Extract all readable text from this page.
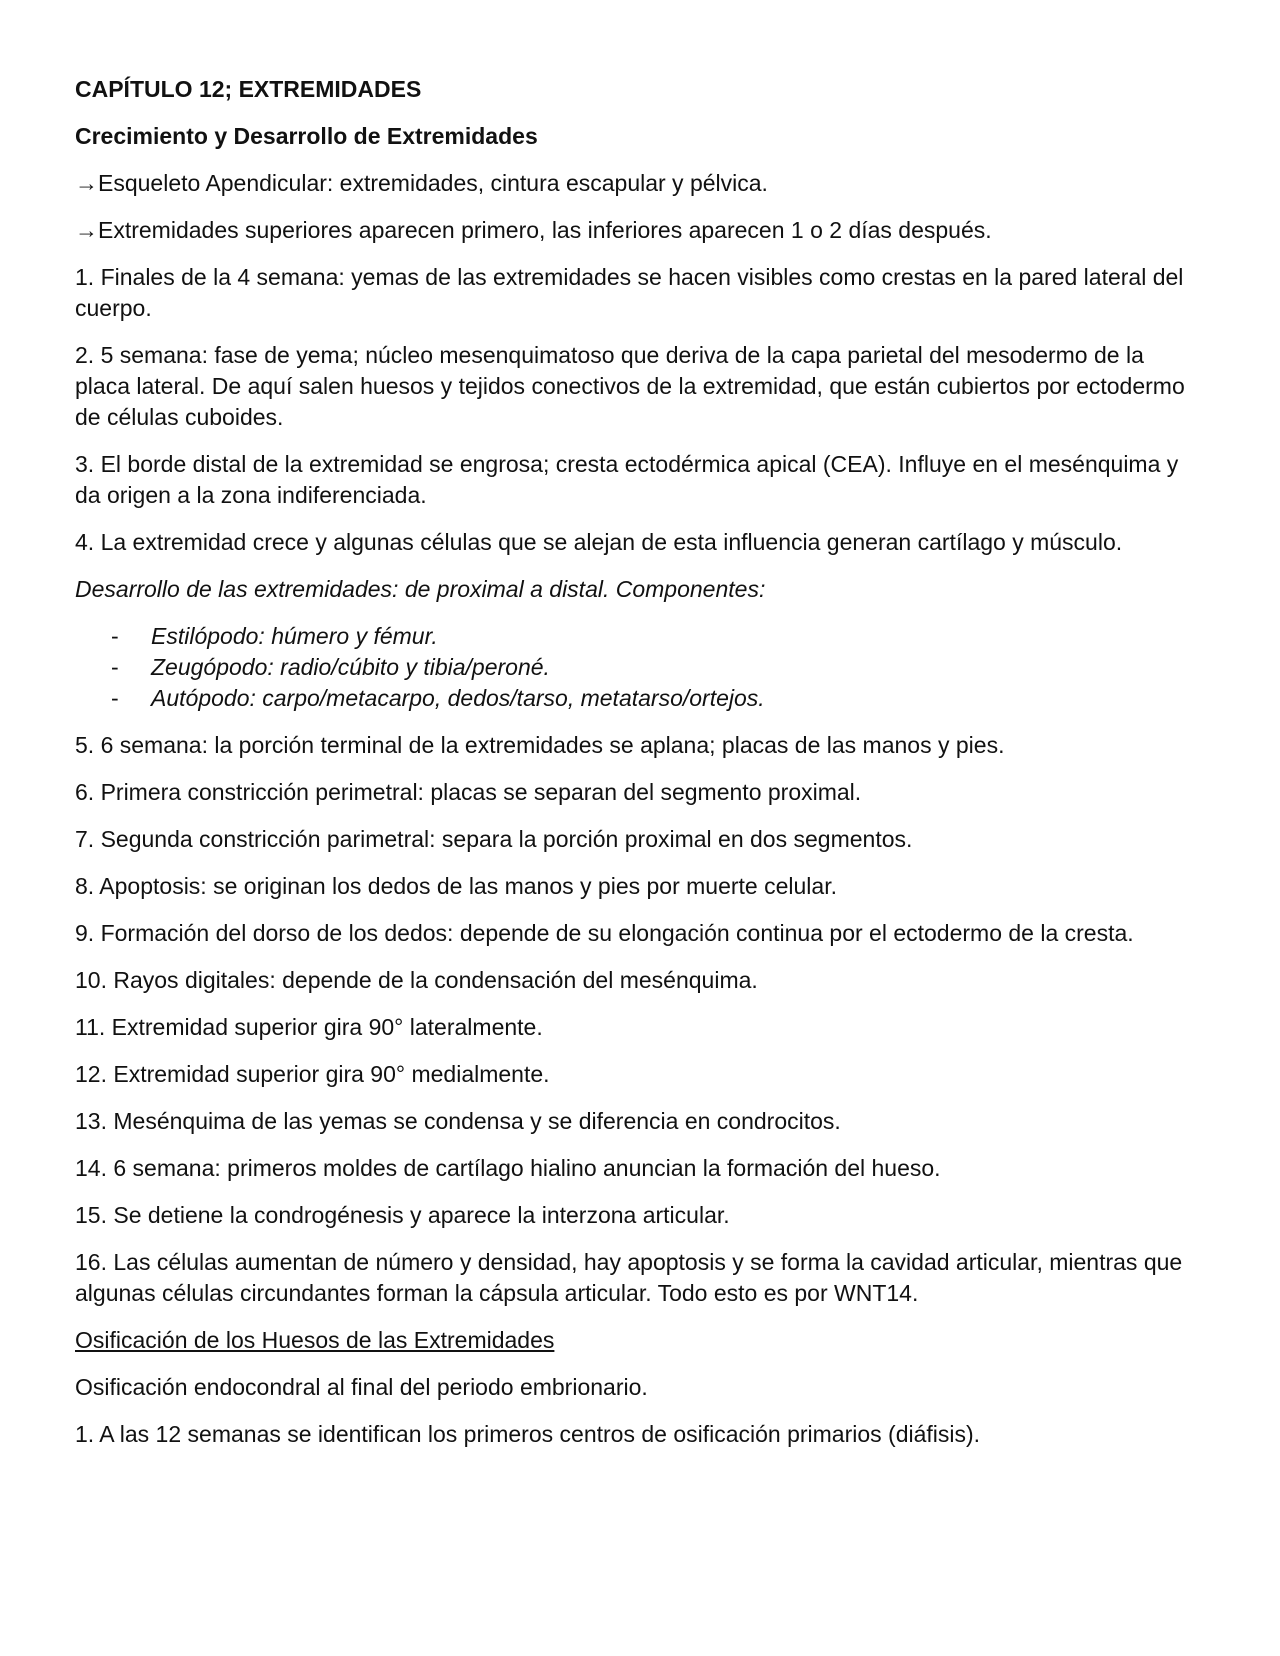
CAPÍTULO 12; EXTREMIDADES
Crecimiento y Desarrollo de Extremidades

→Esqueleto Apendicular: extremidades, cintura escapular y pélvica.

→Extremidades superiores aparecen primero, las inferiores aparecen 1 o 2 días después.

1. Finales de la 4 semana: yemas de las extremidades se hacen visibles como crestas en la pared lateral del cuerpo.

2. 5 semana: fase de yema; núcleo mesenquimatoso que deriva de la capa parietal del mesodermo de la placa lateral. De aquí salen huesos y tejidos conectivos de la extremidad, que están cubiertos por ectodermo de células cuboides.

3. El borde distal de la extremidad se engrosa; cresta ectodérmica apical (CEA). Influye en el mesénquima y da origen a la zona indiferenciada.

4. La extremidad crece y algunas células que se alejan de esta influencia generan cartílago y músculo.

Desarrollo de las extremidades: de proximal a distal. Componentes:

- Estilópodo: húmero y fémur.
- Zeugópodo: radio/cúbito y tibia/peroné.
- Autópodo: carpo/metacarpo, dedos/tarso, metatarso/ortejos.

5. 6 semana: la porción terminal de la extremidades se aplana; placas de las manos y pies.

6. Primera constricción perimetral: placas se separan del segmento proximal.

7. Segunda constricción parimetral: separa la porción proximal en dos segmentos.

8. Apoptosis: se originan los dedos de las manos y pies por muerte celular.

9. Formación del dorso de los dedos: depende de su elongación continua por el ectodermo de la cresta.

10. Rayos digitales: depende de la condensación del mesénquima.

11. Extremidad superior gira 90° lateralmente.

12. Extremidad superior gira 90° medialmente.

13. Mesénquima de las yemas se condensa y se diferencia en condrocitos.

14. 6 semana: primeros moldes de cartílago hialino anuncian la formación del hueso.

15. Se detiene la condrogénesis y aparece la interzona articular.

16. Las células aumentan de número y densidad, hay apoptosis y se forma la cavidad articular, mientras que algunas células circundantes forman la cápsula articular. Todo esto es por WNT14.

Osificación de los Huesos de las Extremidades

Osificación endocondral al final del periodo embrionario.

1. A las 12 semanas se identifican los primeros centros de osificación primarios (diáfisis).
